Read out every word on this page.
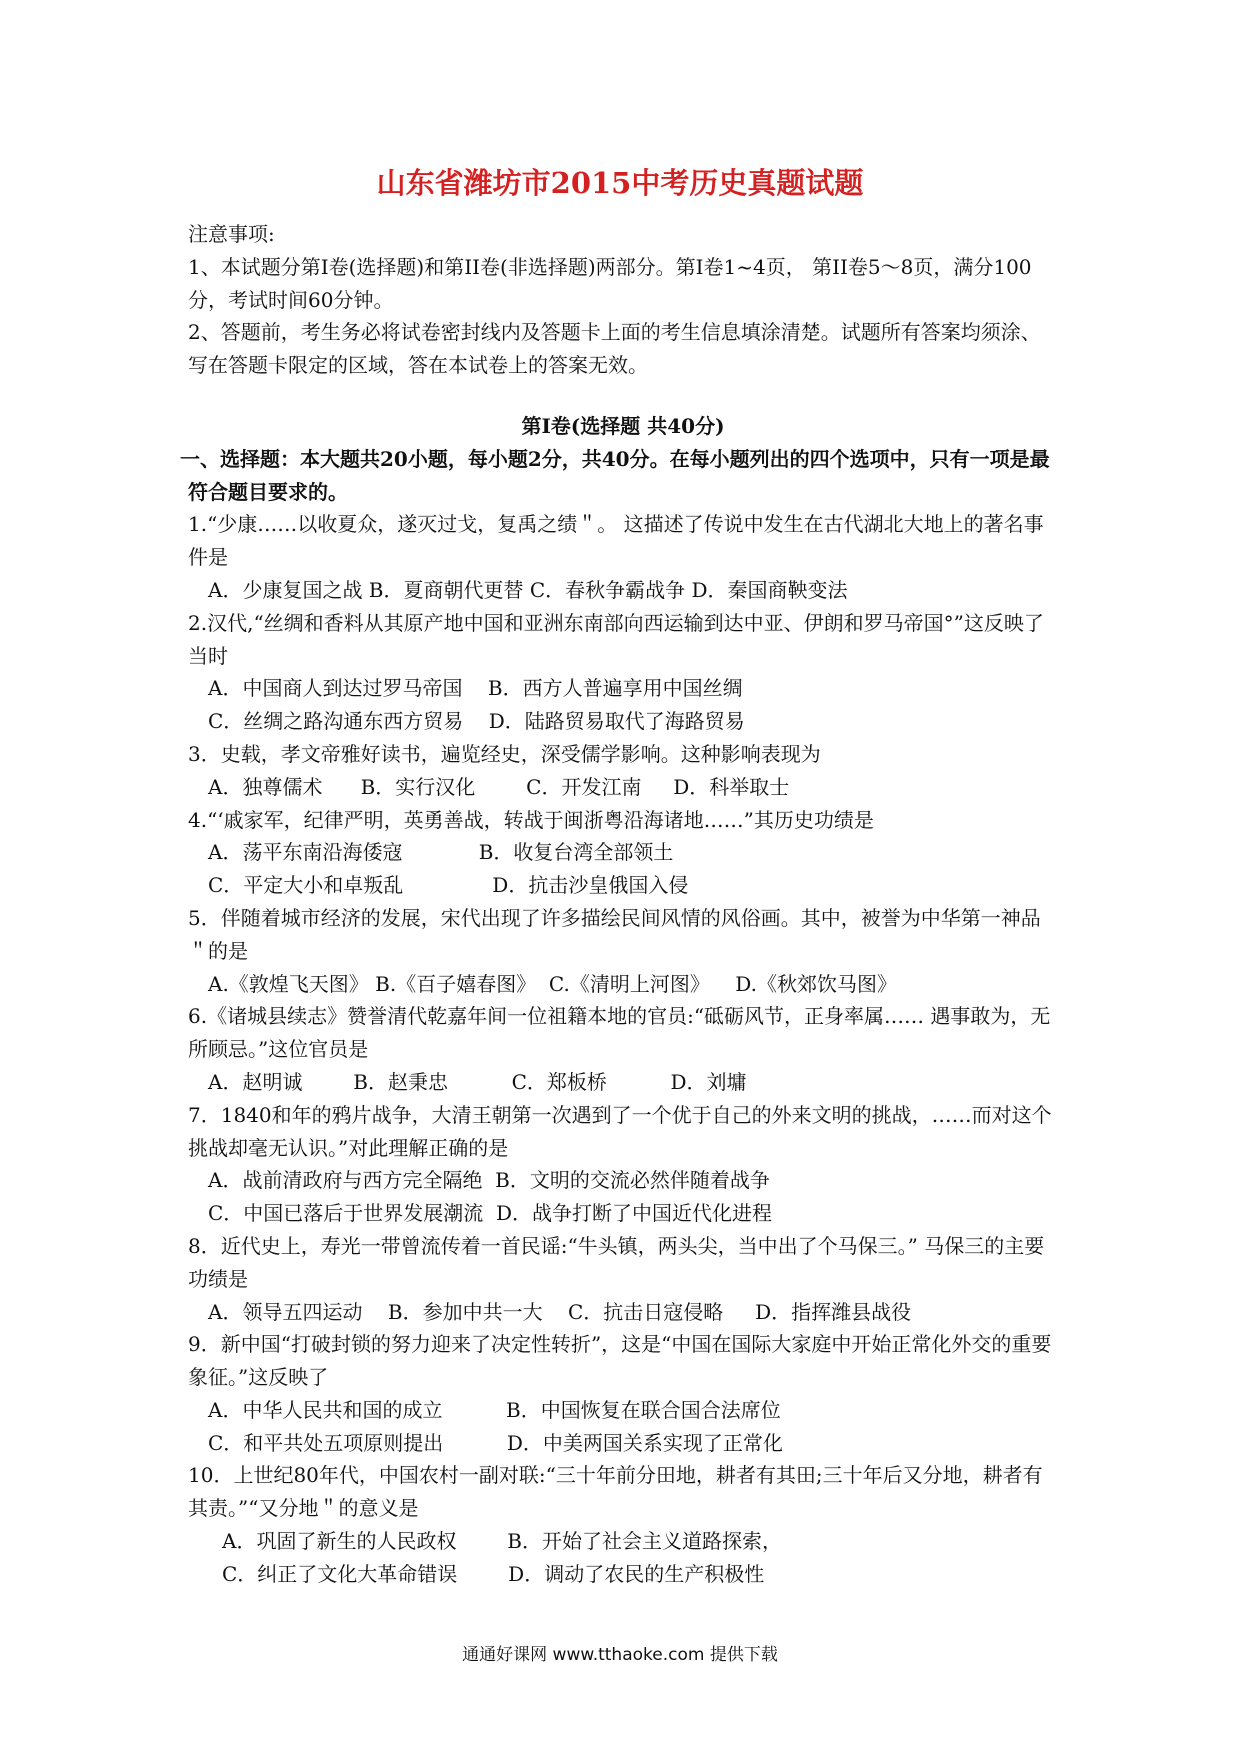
山东省潍坊市2015中考历史真题试题

注意事项:

1、本试题分第I卷(选择题)和第II卷(非选择题)两部分。第I卷1~4页， 第II卷5～8页，满分100分，考试时间60分钟。

2、答题前，考生务必将试卷密封线内及答题卡上面的考生信息填涂清楚。试题所有答案均须涂、写在答题卡限定的区域，答在本试卷上的答案无效。

第I卷(选择题 共40分)

一、选择题：本大题共20小题，每小题2分，共40分。在每小题列出的四个选项中，只有一项是最符合题目要求的。

1.“少康……以收夏众，遂灭过戈，复禹之绩＂。 这描述了传说中发生在古代湖北大地上的著名事件是

A．少康复国之战 B．夏商朝代更替 C．春秋争霸战争 D．秦国商鞅变法

2.汉代,“丝绸和香料从其原产地中国和亚洲东南部向西运输到达中亚、伊朗和罗马帝国°”这反映了当时

A．中国商人到达过罗马帝国    B．西方人普遍享用中国丝绸

C．丝绸之路沟通东西方贸易    D．陆路贸易取代了海路贸易

3．史载，孝文帝雅好读书，遍览经史，深受儒学影响。这种影响表现为

A．独尊儒术      B．实行汉化        C．开发江南     D．科举取士

4.“‘戚家军，纪律严明，英勇善战，转战于闽浙粤沿海诸地……”其历史功绩是

A．荡平东南沿海倭寇            B．收复台湾全部领土

C．平定大小和卓叛乱              D．抗击沙皇俄国入侵

5．伴随着城市经济的发展，宋代出现了许多描绘民间风情的风俗画。其中，被誉为中华第一神品＂的是

A.《敦煌飞天图》 B.《百子嬉春图》  C.《清明上河图》    D.《秋郊饮马图》

6.《诸城县续志》赞誉清代乾嘉年间一位祖籍本地的官员:“砥砺风节，正身率属…… 遇事敢为，无所顾忌。”这位官员是

A．赵明诚        B．赵秉忠          C．郑板桥          D．刘墉

7．1840和年的鸦片战争，大清王朝第一次遇到了一个优于自己的外来文明的挑战，……而对这个挑战却毫无认识。”对此理解正确的是

A．战前清政府与西方完全隔绝  B．文明的交流必然伴随着战争

C．中国已落后于世界发展潮流  D．战争打断了中国近代化进程

8．近代史上，寿光一带曾流传着一首民谣:“牛头镇，两头尖，当中出了个马保三。” 马保三的主要功绩是

A．领导五四运动    B．参加中共一大    C．抗击日寇侵略     D．指挥潍县战役

9．新中国“打破封锁的努力迎来了决定性转折”，这是“中国在国际大家庭中开始正常化外交的重要象征。”这反映了

A．中华人民共和国的成立          B．中国恢复在联合国合法席位

C．和平共处五项原则提出          D．中美两国关系实现了正常化

10．上世纪80年代，中国农村一副对联:“三十年前分田地，耕者有其田;三十年后又分地，耕者有其责。”“又分地＂的意义是

A．巩固了新生的人民政权        B．开始了社会主义道路探索，

C．纠正了文化大革命错误        D．调动了农民的生产积极性

通通好课网 www.tthaoke.com 提供下载
